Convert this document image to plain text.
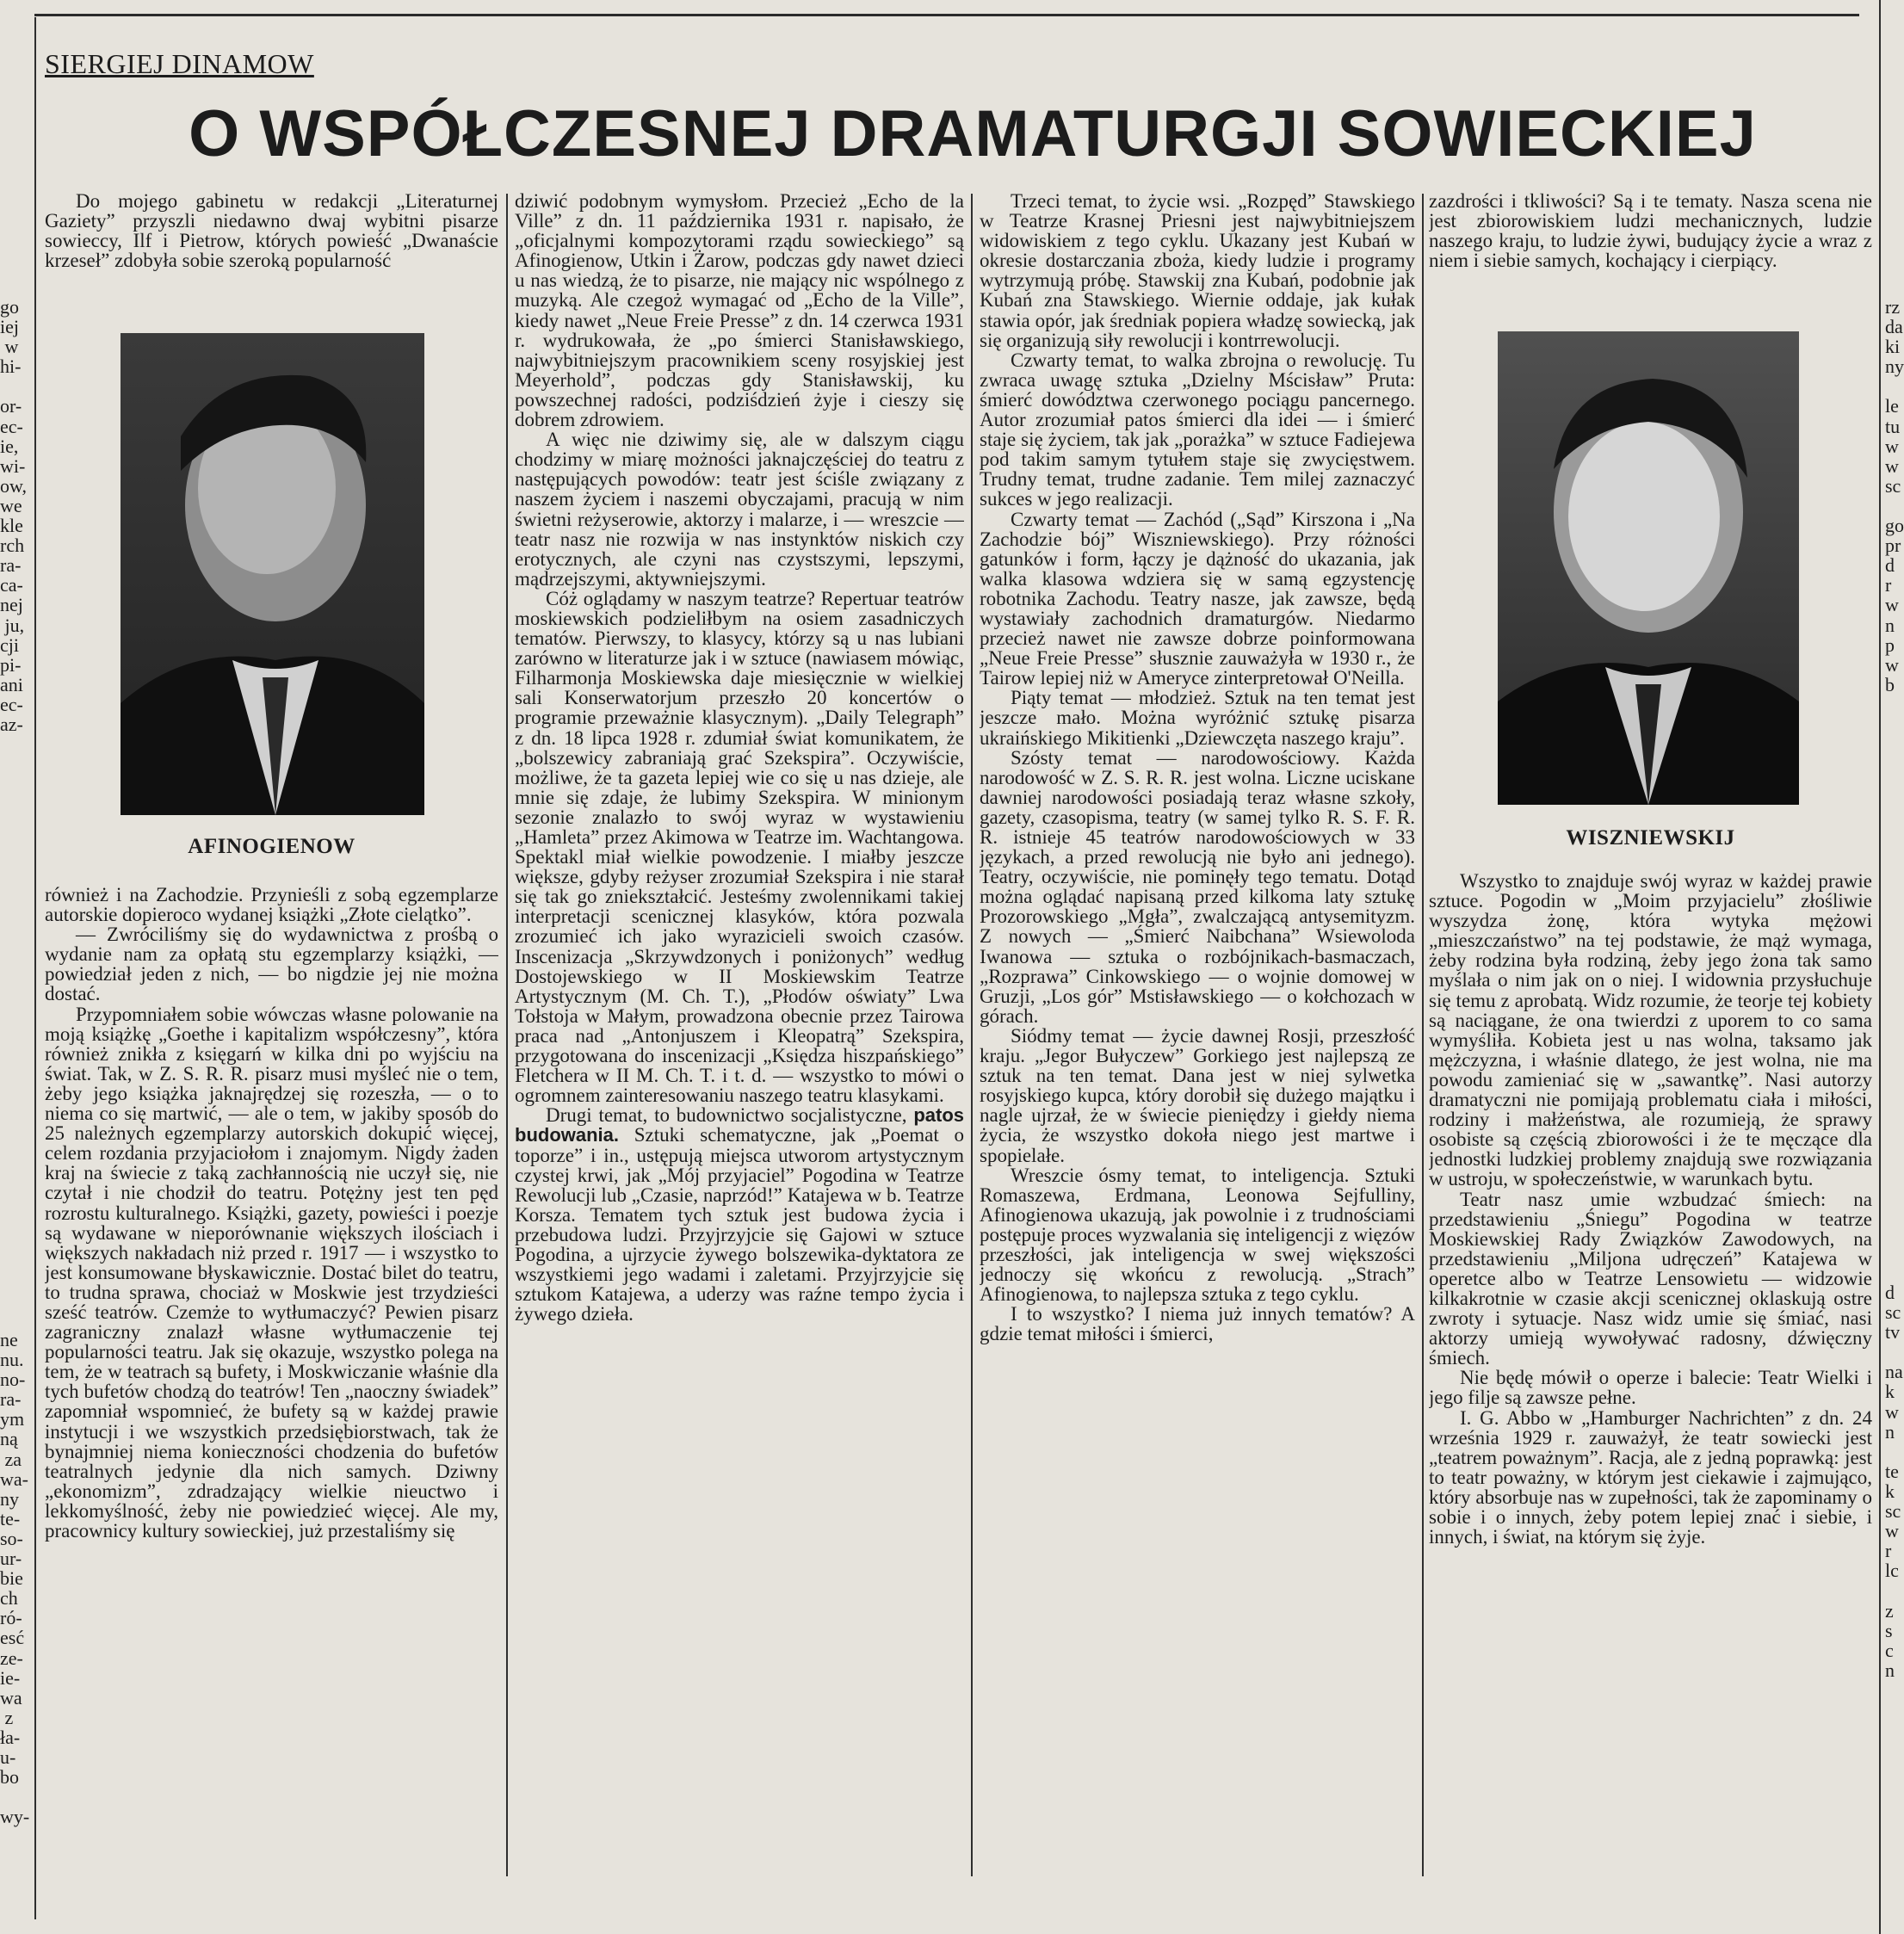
go
iej
w
hi-

or-
ec-
ie,
wi-
ow,
we
kle
rch
ra-
ca-
nej
ju,
cji
pi-
ani
ec-
az-
ne
nu.
no-
ra-
ym
ną
za
wa-
ny
te-
so-
ur-
bie
ch
ró-
esć
ze-
ie-
wa
z
ła-
u-
bo

wy-
rz
da
ki
ny

le
tu
w
w
sc

go
pr
d
r
w
n
p
w
b
d
sc
tv

na
k
w
n

te
k
sc
w
r
lc

z
s
c
n
SIERGIEJ DINAMOW
O WSPÓŁCZESNEJ DRAMATURGJI SOWIECKIEJ

Do mojego gabinetu w redakcji „Literaturnej Gaziety” przyszli niedawno dwaj wybitni pisarze sowieccy, Ilf i Pietrow, których powieść „Dwanaście krzeseł” zdobyła sobie szeroką popularność

AFINOGIENOW

również i na Zachodzie. Przynieśli z sobą egzemplarze autorskie dopieroco wydanej książki „Złote cielątko”.

— Zwróciliśmy się do wydawnictwa z prośbą o wydanie nam za opłatą stu egzemplarzy książki, — powiedział jeden z nich, — bo nigdzie jej nie można dostać.

Przypomniałem sobie wówczas własne polowanie na moją książkę „Goethe i kapitalizm współczesny”, która również znikła z księgarń w kilka dni po wyjściu na świat. Tak, w Z. S. R. R. pisarz musi myśleć nie o tem, żeby jego książka jaknajrędzej się rozeszła, — o to niema co się martwić, — ale o tem, w jakiby sposób do 25 należnych egzemplarzy autorskich dokupić więcej, celem rozdania przyjaciołom i znajomym. Nigdy żaden kraj na świecie z taką zachłannością nie uczył się, nie czytał i nie chodził do teatru. Potężny jest ten pęd rozrostu kulturalnego. Książki, gazety, powieści i poezje są wydawane w nieporównanie większych ilościach i większych nakładach niż przed r. 1917 — i wszystko to jest konsumowane błyskawicznie. Dostać bilet do teatru, to trudna sprawa, chociaż w Moskwie jest trzydzieści sześć teatrów. Czemże to wytłumaczyć? Pewien pisarz zagraniczny znalazł własne wytłumaczenie tej popularności teatru. Jak się okazuje, wszystko polega na tem, że w teatrach są bufety, i Moskwiczanie właśnie dla tych bufetów chodzą do teatrów! Ten „naoczny świadek” zapomniał wspomnieć, że bufety są w każdej prawie instytucji i we wszystkich przedsiębiorstwach, tak że bynajmniej niema konieczności chodzenia do bufetów teatralnych jedynie dla nich samych. Dziwny „ekonomizm”, zdradzający wielkie nieuctwo i lekkomyślność, żeby nie powiedzieć więcej. Ale my, pracownicy kultury sowieckiej, już przestaliśmy się

dziwić podobnym wymysłom. Przecież „Echo de la Ville” z dn. 11 października 1931 r. napisało, że „oficjalnymi kompozytorami rządu sowieckiego” są Afinogienow, Utkin i Żarow, podczas gdy nawet dzieci u nas wiedzą, że to pisarze, nie mający nic wspólnego z muzyką. Ale czegoż wymagać od „Echo de la Ville”, kiedy nawet „Neue Freie Presse” z dn. 14 czerwca 1931 r. wydrukowała, że „po śmierci Stanisławskiego, najwybitniejszym pracownikiem sceny rosyjskiej jest Meyerhold”, podczas gdy Stanisławskij, ku powszechnej radości, podziśdzień żyje i cieszy się dobrem zdrowiem.

A więc nie dziwimy się, ale w dalszym ciągu chodzimy w miarę możności jaknajczęściej do teatru z następujących powodów: teatr jest ściśle związany z naszem życiem i naszemi obyczajami, pracują w nim świetni reżyserowie, aktorzy i malarze, i — wreszcie — teatr nasz nie rozwija w nas instynktów niskich czy erotycznych, ale czyni nas czystszymi, lepszymi, mądrzejszymi, aktywniejszymi.

Cóż oglądamy w naszym teatrze? Repertuar teatrów moskiewskich podzieliłbym na osiem zasadniczych tematów. Pierwszy, to klasycy, którzy są u nas lubiani zarówno w literaturze jak i w sztuce (nawiasem mówiąc, Filharmonja Moskiewska daje miesięcznie w wielkiej sali Konserwatorjum przeszło 20 koncertów o programie przeważnie klasycznym). „Daily Telegraph” z dn. 18 lipca 1928 r. zdumiał świat komunikatem, że „bolszewicy zabraniają grać Szekspira”. Oczywiście, możliwe, że ta gazeta lepiej wie co się u nas dzieje, ale mnie się zdaje, że lubimy Szekspira. W minionym sezonie znalazło to swój wyraz w wystawieniu „Hamleta” przez Akimowa w Teatrze im. Wachtangowa. Spektakl miał wielkie powodzenie. I miałby jeszcze większe, gdyby reżyser zrozumiał Szekspira i nie starał się tak go zniekształcić. Jesteśmy zwolennikami takiej interpretacji scenicznej klasyków, która pozwala zrozumieć ich jako wyrazicieli swoich czasów. Inscenizacja „Skrzywdzonych i poniżonych” według Dostojewskiego w II Moskiewskim Teatrze Artystycznym (M. Ch. T.), „Płodów oświaty” Lwa Tołstoja w Małym, prowadzona obecnie przez Tairowa praca nad „Antonjuszem i Kleopatrą” Szekspira, przygotowana do inscenizacji „Księdza hiszpańskiego” Fletchera w II M. Ch. T. i t. d. — wszystko to mówi o ogromnem zainteresowaniu naszego teatru klasykami.

Drugi temat, to budownictwo socjalistyczne, patos budowania. Sztuki schematyczne, jak „Poemat o toporze” i in., ustępują miejsca utworom artystycznym czystej krwi, jak „Mój przyjaciel” Pogodina w Teatrze Rewolucji lub „Czasie, naprzód!” Katajewa w b. Teatrze Korsza. Tematem tych sztuk jest budowa życia i przebudowa ludzi. Przyjrzyjcie się Gajowi w sztuce Pogodina, a ujrzycie żywego bolszewika-dyktatora ze wszystkiemi jego wadami i zaletami. Przyjrzyjcie się sztukom Katajewa, a uderzy was raźne tempo życia i żywego dzieła.

Trzeci temat, to życie wsi. „Rozpęd” Stawskiego w Teatrze Krasnej Priesni jest najwybitniejszem widowiskiem z tego cyklu. Ukazany jest Kubań w okresie dostarczania zboża, kiedy ludzie i programy wytrzymują próbę. Stawskij zna Kubań, podobnie jak Kubań zna Stawskiego. Wiernie oddaje, jak kułak stawia opór, jak średniak popiera władzę sowiecką, jak się organizują siły rewolucji i kontrrewolucji.

Czwarty temat, to walka zbrojna o rewolucję. Tu zwraca uwagę sztuka „Dzielny Mścisław” Pruta: śmierć dowództwa czerwonego pociągu pancernego. Autor zrozumiał patos śmierci dla idei — i śmierć staje się życiem, tak jak „porażka” w sztuce Fadiejewa pod takim samym tytułem staje się zwycięstwem. Trudny temat, trudne zadanie. Tem milej zaznaczyć sukces w jego realizacji.

Czwarty temat — Zachód („Sąd” Kirszona i „Na Zachodzie bój” Wiszniewskiego). Przy różności gatunków i form, łączy je dążność do ukazania, jak walka klasowa wdziera się w samą egzystencję robotnika Zachodu. Teatry nasze, jak zawsze, będą wystawiały zachodnich dramaturgów. Niedarmo przecież nawet nie zawsze dobrze poinformowana „Neue Freie Presse” słusznie zauważyła w 1930 r., że Tairow lepiej niż w Ameryce zinterpretował O'Neilla.

Piąty temat — młodzież. Sztuk na ten temat jest jeszcze mało. Można wyróżnić sztukę pisarza ukraińskiego Mikitienki „Dziewczęta naszego kraju”.

Szósty temat — narodowościowy. Każda narodowość w Z. S. R. R. jest wolna. Liczne uciskane dawniej narodowości posiadają teraz własne szkoły, gazety, czasopisma, teatry (w samej tylko R. S. F. R. R. istnieje 45 teatrów narodowościowych w 33 językach, a przed rewolucją nie było ani jednego). Teatry, oczywiście, nie pominęły tego tematu. Dotąd można oglądać napisaną przed kilkoma laty sztukę Prozorowskiego „Mgła”, zwalczającą antysemityzm. Z nowych — „Śmierć Naibchana” Wsiewoloda Iwanowa — sztuka o rozbójnikach-basmaczach, „Rozprawa” Cinkowskiego — o wojnie domowej w Gruzji, „Los gór” Mstisławskiego — o kołchozach w górach.

Siódmy temat — życie dawnej Rosji, przeszłość kraju. „Jegor Bułyczew” Gorkiego jest najlepszą ze sztuk na ten temat. Dana jest w niej sylwetka rosyjskiego kupca, który dorobił się dużego majątku i nagle ujrzał, że w świecie pieniędzy i giełdy niema życia, że wszystko dokoła niego jest martwe i spopielałe.

Wreszcie ósmy temat, to inteligencja. Sztuki Romaszewa, Erdmana, Leonowa Sejfulliny, Afinogienowa ukazują, jak powolnie i z trudnościami postępuje proces wyzwalania się inteligencji z więzów przeszłości, jak inteligencja w swej większości jednoczy się wkońcu z rewolucją. „Strach” Afinogienowa, to najlepsza sztuka z tego cyklu.

I to wszystko? I niema już innych tematów? A gdzie temat miłości i śmierci,

zazdrości i tkliwości? Są i te tematy. Nasza scena nie jest zbiorowiskiem ludzi mechanicznych, ludzie naszego kraju, to ludzie żywi, budujący życie a wraz z niem i siebie samych, kochający i cierpiący.

WISZNIEWSKIJ

Wszystko to znajduje swój wyraz w każdej prawie sztuce. Pogodin w „Moim przyjacielu” złośliwie wyszydza żonę, która wytyka mężowi „mieszczaństwo” na tej podstawie, że mąż wymaga, żeby rodzina była rodziną, żeby jego żona tak samo myślała o nim jak on o niej. I widownia przysłuchuje się temu z aprobatą. Widz rozumie, że teorje tej kobiety są naciągane, że ona twierdzi z uporem to co sama wymyśliła. Kobieta jest u nas wolna, taksamo jak mężczyzna, i właśnie dlatego, że jest wolna, nie ma powodu zamieniać się w „sawantkę”. Nasi autorzy dramatyczni nie pomijają problematu ciała i miłości, rodziny i małżeństwa, ale rozumieją, że sprawy osobiste są częścią zbiorowości i że te męczące dla jednostki ludzkiej problemy znajdują swe rozwiązania w ustroju, w społeczeństwie, w warunkach bytu.

Teatr nasz umie wzbudzać śmiech: na przedstawieniu „Śniegu” Pogodina w teatrze Moskiewskiej Rady Związków Zawodowych, na przedstawieniu „Miljona udręczeń” Katajewa w operetce albo w Teatrze Lensowietu — widzowie kilkakrotnie w czasie akcji scenicznej oklaskują ostre zwroty i sytuacje. Nasz widz umie się śmiać, nasi aktorzy umieją wywoływać radosny, dźwięczny śmiech.

Nie będę mówił o operze i balecie: Teatr Wielki i jego filje są zawsze pełne.

I. G. Abbo w „Hamburger Nachrichten” z dn. 24 września 1929 r. zauważył, że teatr sowiecki jest „teatrem poważnym”. Racja, ale z jedną poprawką: jest to teatr poważny, w którym jest ciekawie i zajmująco, który absorbuje nas w zupełności, tak że zapominamy o sobie i o innych, żeby potem lepiej znać i siebie, i innych, i świat, na którym się żyje.
